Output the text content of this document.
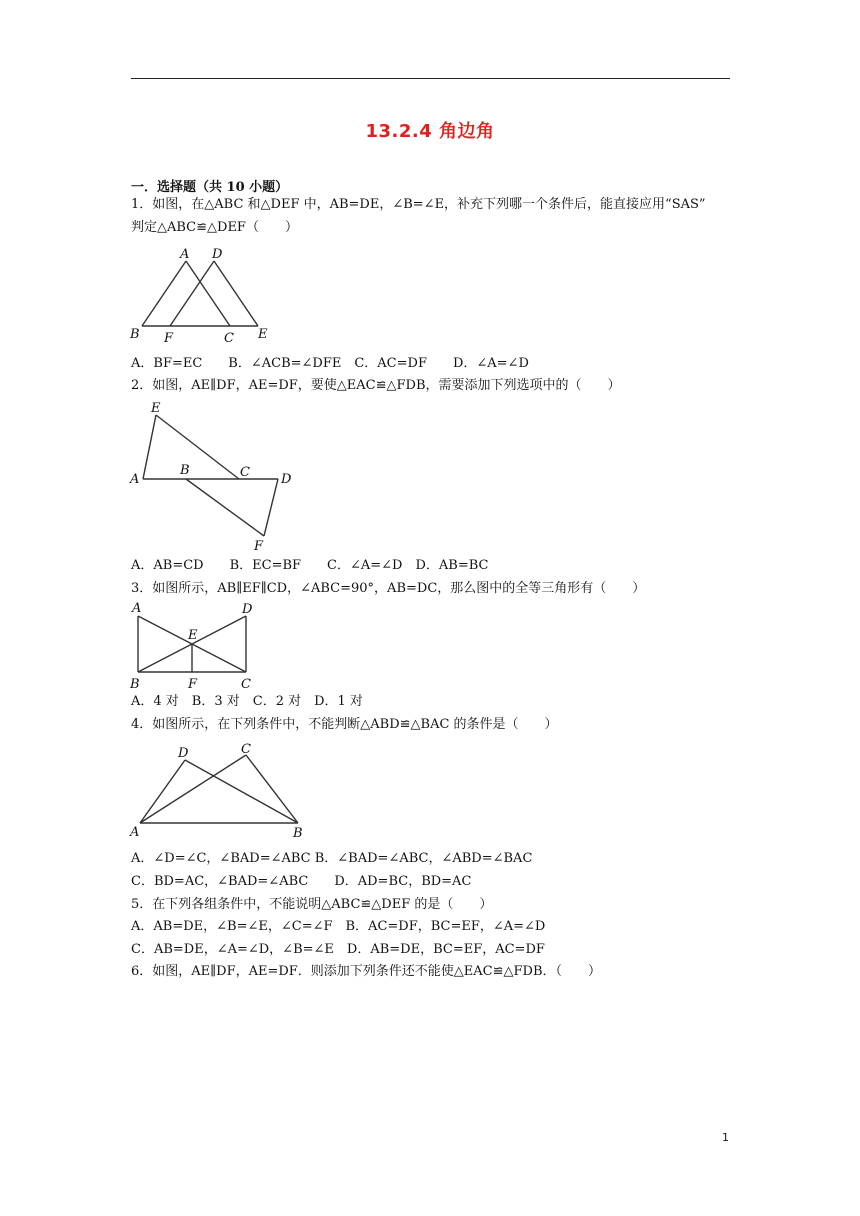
13.2.4 角边角
一．选择题（共 10 小题）
1．如图，在△ABC 和△DEF 中，AB=DE，∠B=∠E，补充下列哪一个条件后，能直接应用“SAS”
判定△ABC≌△DEF（　　）
A D
B F	C E
A．BF=EC　　B．∠ACB=∠DFE　C．AC=DF　　D．∠A=∠D
2．如图，AE∥DF，AE=DF，要使△EAC≌△FDB，需要添加下列选项中的（　　）
E
A
B	C D
F
A．AB=CD　　B．EC=BF　　C．∠A=∠D　D．AB=BC
3．如图所示，AB∥EF∥CD，∠ABC=90°，AB=DC，那么图中的全等三角形有（　　）
A	D
E
B	F	C
A．4 对　B．3 对　C．2 对　D．1 对
4．如图所示，在下列条件中，不能判断△ABD≌△BAC 的条件是（　　）
D	C
A	B
A．∠D=∠C，∠BAD=∠ABC B．∠BAD=∠ABC，∠ABD=∠BAC
C．BD=AC，∠BAD=∠ABC　　D．AD=BC，BD=AC
5．在下列各组条件中，不能说明△ABC≌△DEF 的是（　　）
A．AB=DE，∠B=∠E，∠C=∠F　B．AC=DF，BC=EF，∠A=∠D
C．AB=DE，∠A=∠D，∠B=∠E　D．AB=DE，BC=EF，AC=DF
6．如图，AE∥DF，AE=DF．则添加下列条件还不能使△EAC≌△FDB．（　　）
1
